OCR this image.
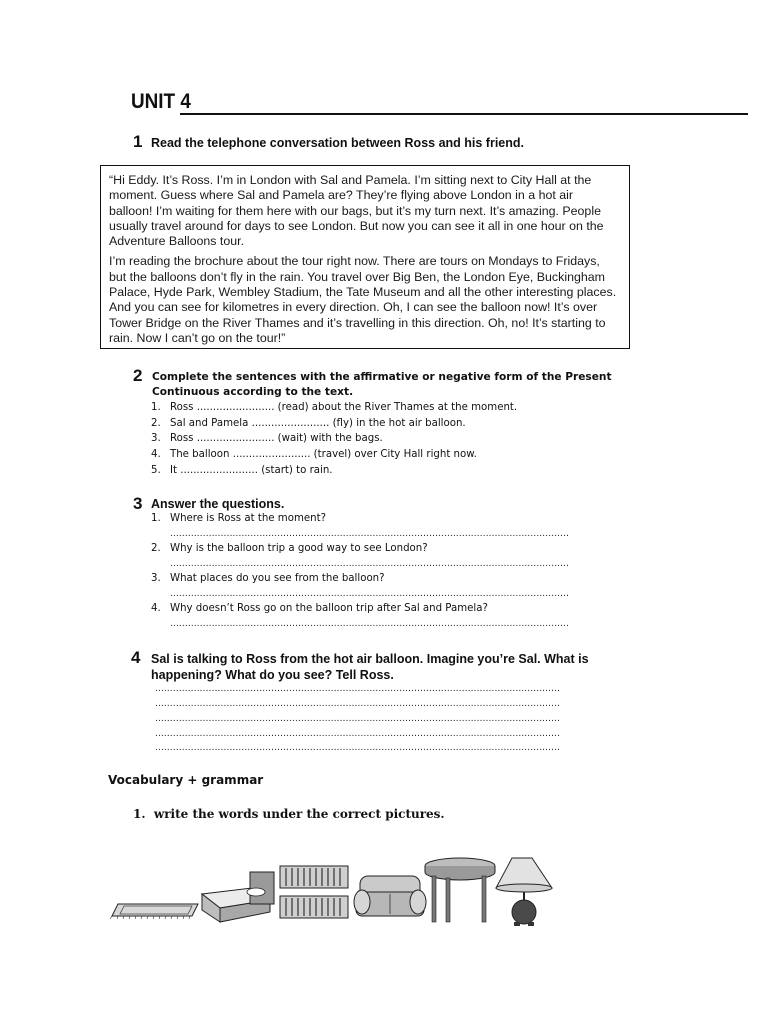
UNIT 4
1 Read the telephone conversation between Ross and his friend.

“Hi Eddy. It’s Ross. I’m in London with Sal and Pamela. I’m sitting next to City Hall at the moment. Guess where Sal and Pamela are? They’re flying above London in a hot air balloon! I’m waiting for them here with our bags, but it’s my turn next. It’s amazing. People usually travel around for days to see London. But now you can see it all in one hour on the Adventure Balloons tour.

I’m reading the brochure about the tour right now. There are tours on Mondays to Fridays, but the balloons don’t fly in the rain. You travel over Big Ben, the London Eye, Buckingham Palace, Hyde Park, Wembley Stadium, the Tate Museum and all the other interesting places. And you can see for kilometres in every direction. Oh, I can see the balloon now! It’s over Tower Bridge on the River Thames and it’s travelling in this direction. Oh, no! It’s starting to rain. Now I can’t go on the tour!”

2 Complete the sentences with the affirmative or negative form of the Present Continuous according to the text.
1. Ross ........................ (read) about the River Thames at the moment.
2. Sal and Pamela ........................ (fly) in the hot air balloon.
3. Ross ........................ (wait) with the bags.
4. The balloon ........................ (travel) over City Hall right now.
5. It ........................ (start) to rain.
3 Answer the questions.
1. Where is Ross at the moment?
......................................................................................................................................
2. Why is the balloon trip a good way to see London?
......................................................................................................................................
3. What places do you see from the balloon?
......................................................................................................................................
4. Why doesn’t Ross go on the balloon trip after Sal and Pamela?
......................................................................................................................................
4 Sal is talking to Ross from the hot air balloon. Imagine you’re Sal. What is happening? What do you see? Tell Ross.
........................................................................................................................................
........................................................................................................................................
........................................................................................................................................
........................................................................................................................................
........................................................................................................................................
Vocabulary + grammar
1. write the words under the correct pictures.
